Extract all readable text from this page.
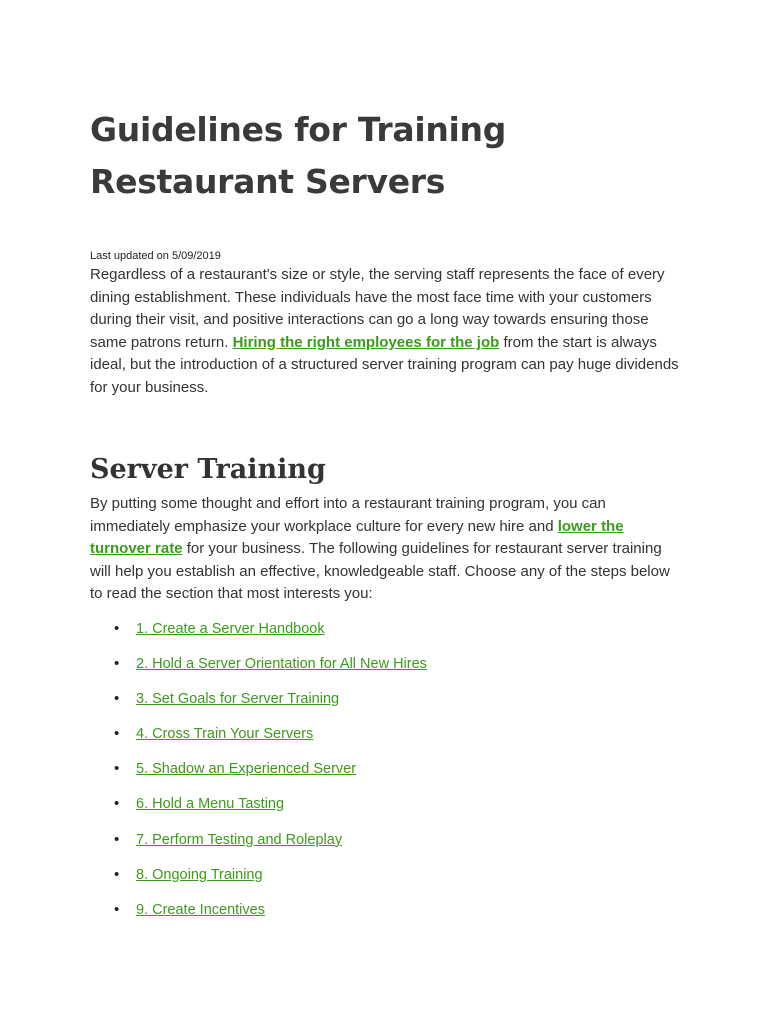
Guidelines for Training
Restaurant Servers
Last updated on 5/09/2019

Regardless of a restaurant's size or style, the serving staff represents the face of every dining establishment. These individuals have the most face time with your customers during their visit, and positive interactions can go a long way towards ensuring those same patrons return. Hiring the right employees for the job from the start is always ideal, but the introduction of a structured server training program can pay huge dividends for your business.

Server Training

By putting some thought and effort into a restaurant training program, you can immediately emphasize your workplace culture for every new hire and lower the turnover rate for your business. The following guidelines for restaurant server training will help you establish an effective, knowledgeable staff. Choose any of the steps below to read the section that most interests you:

• 1. Create a Server Handbook
• 2. Hold a Server Orientation for All New Hires
• 3. Set Goals for Server Training
• 4. Cross Train Your Servers
• 5. Shadow an Experienced Server
• 6. Hold a Menu Tasting
• 7. Perform Testing and Roleplay
• 8. Ongoing Training
• 9. Create Incentives
